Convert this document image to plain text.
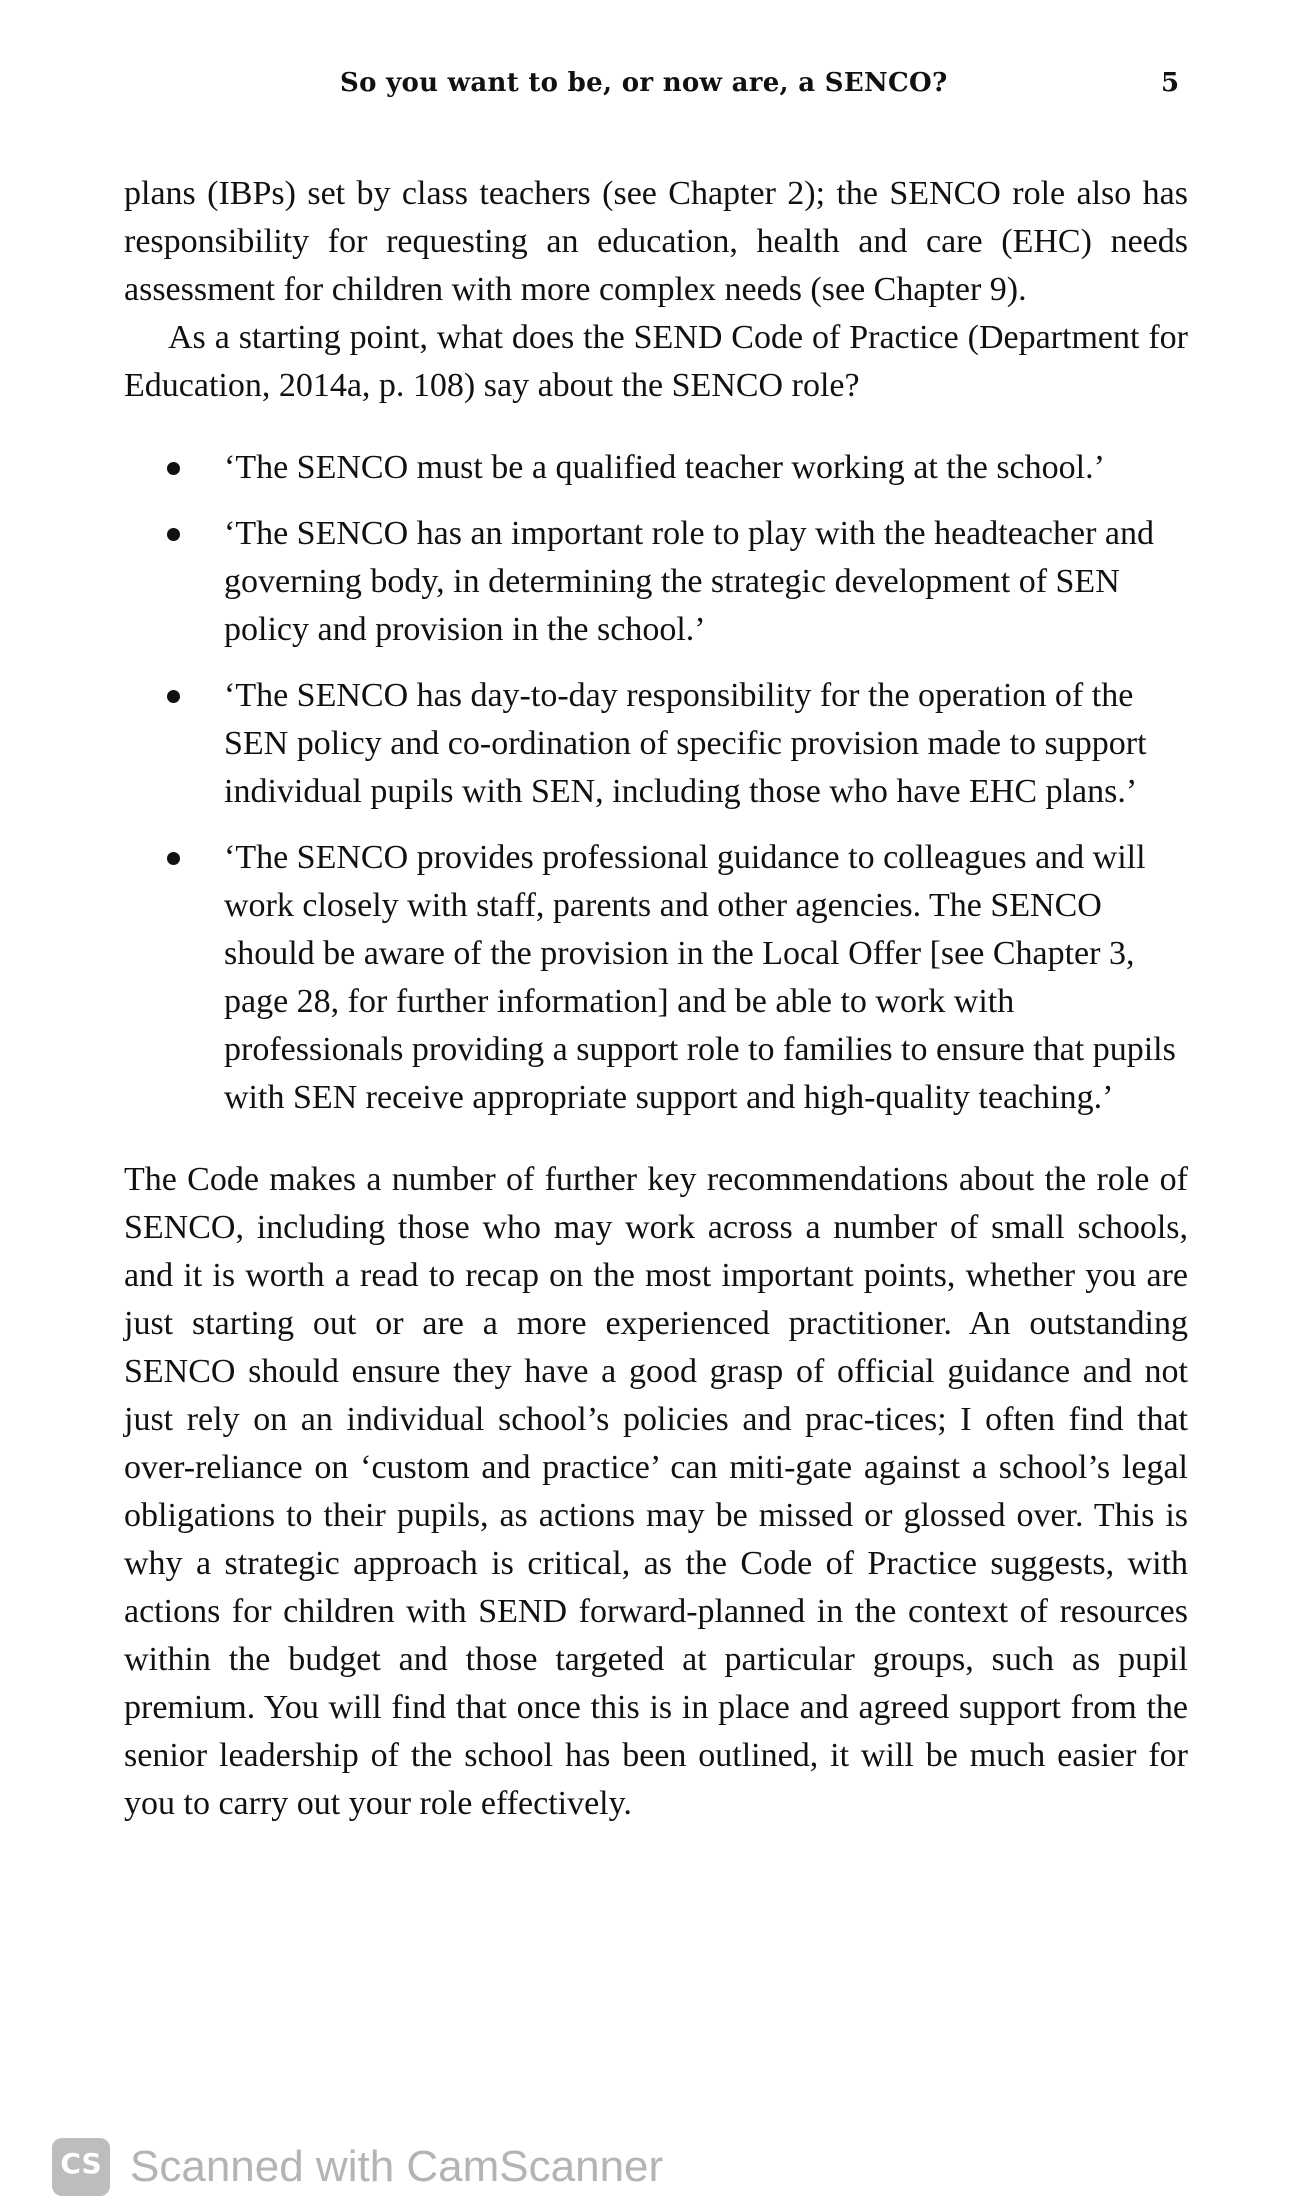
So you want to be, or now are, a SENCO?	5

plans (IBPs) set by class teachers (see Chapter 2); the SENCO role also has responsibility for requesting an education, health and care (EHC) needs assessment for children with more complex needs (see Chapter 9).

As a starting point, what does the SEND Code of Practice (Department for Education, 2014a, p. 108) say about the SENCO role?

‘The SENCO must be a qualified teacher working at the school.’
‘The SENCO has an important role to play with the headteacher and governing body, in determining the strategic development of SEN policy and provision in the school.’
‘The SENCO has day-to-day responsibility for the operation of the SEN policy and co-ordination of specific provision made to support individual pupils with SEN, including those who have EHC plans.’
‘The SENCO provides professional guidance to colleagues and will work closely with staff, parents and other agencies. The SENCO should be aware of the provision in the Local Offer [see Chapter 3, page 28, for further information] and be able to work with professionals providing a support role to families to ensure that pupils with SEN receive appropriate support and high-quality teaching.’

The Code makes a number of further key recommendations about the role of SENCO, including those who may work across a number of small schools, and it is worth a read to recap on the most important points, whether you are just starting out or are a more experienced practitioner. An outstanding SENCO should ensure they have a good grasp of official guidance and not just rely on an individual school’s policies and prac-tices; I often find that over-reliance on ‘custom and practice’ can miti-gate against a school’s legal obligations to their pupils, as actions may be missed or glossed over. This is why a strategic approach is critical, as the Code of Practice suggests, with actions for children with SEND forward-planned in the context of resources within the budget and those targeted at particular groups, such as pupil premium. You will find that once this is in place and agreed support from the senior leadership of the school has been outlined, it will be much easier for you to carry out your role effectively.

CS Scanned with CamScanner
